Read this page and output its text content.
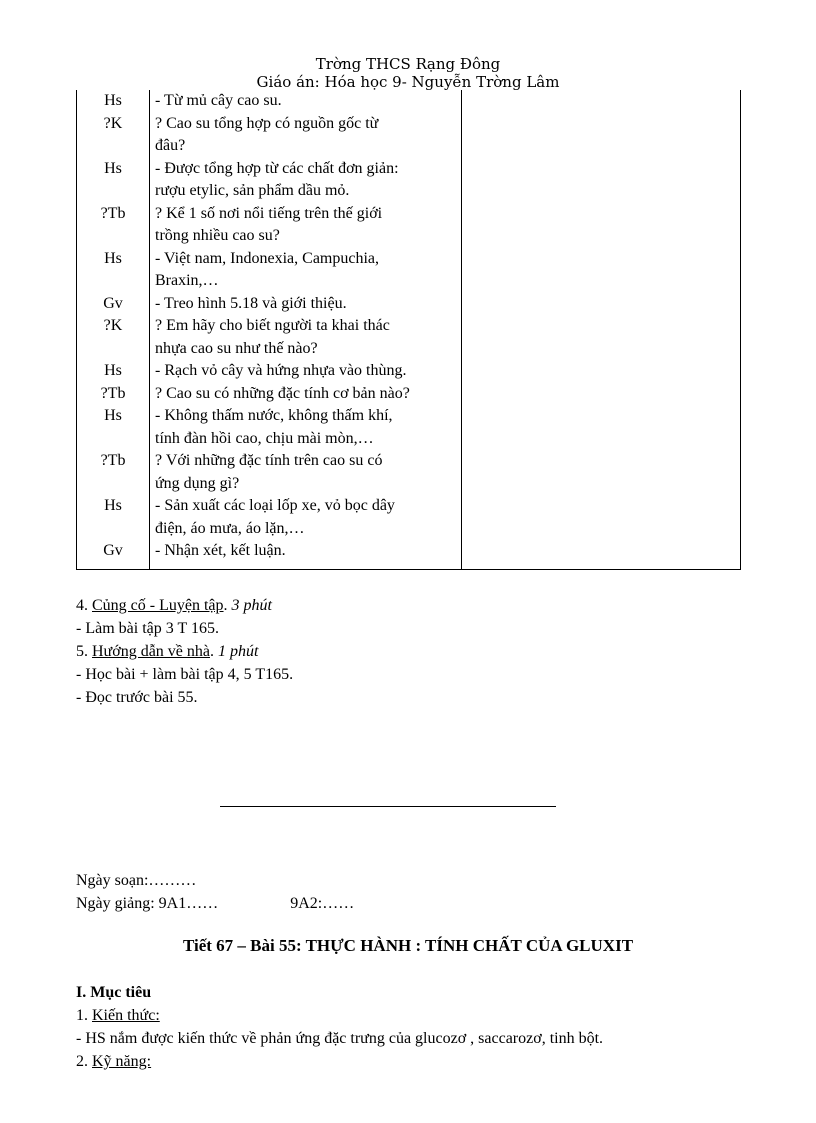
Trờng THCS Rạng Đông
Giáo án: Hóa học 9- Nguyễn Trờng Lâm
Hs	- Từ mủ cây cao su.
?K	? Cao su tổng hợp có nguồn gốc từ
đâu?
Hs	- Được tổng hợp từ các chất đơn giản:
rượu etylic, sản phẩm dầu mỏ.
?Tb	? Kể 1 số nơi nổi tiếng trên thế giới
trồng nhiều cao su?
Hs	- Việt nam, Indonexia, Campuchia,
Braxin,…
Gv	- Treo hình 5.18 và giới thiệu.
?K	? Em hãy cho biết người ta khai thác
nhựa cao su như thế nào?
Hs	- Rạch vỏ cây và hứng nhựa vào thùng.
?Tb	? Cao su có những đặc tính cơ bản nào?
Hs	- Không thấm nước, không thấm khí,
tính đàn hồi cao, chịu mài mòn,…
?Tb	? Với những đặc tính trên cao su có
ứng dụng gì?
Hs	- Sản xuất các loại lốp xe, vỏ bọc dây
điện, áo mưa, áo lặn,…
Gv	- Nhận xét, kết luận.
4. Củng cố - Luyện tập. 3 phút
- Làm bài tập 3 T 165.
5. Hướng dẫn về nhà. 1 phút
- Học bài + làm bài tập 4, 5 T165.
- Đọc trước bài 55.
Ngày soạn:………
Ngày giảng: 9A1……	9A2:……
Tiết 67 – Bài 55: THỰC HÀNH : TÍNH CHẤT CỦA GLUXIT
I. Mục tiêu
1. Kiến thức:
- HS nắm được kiến thức về phản ứng đặc trưng của glucozơ , saccarozơ, tinh bột.
2. Kỹ năng:
